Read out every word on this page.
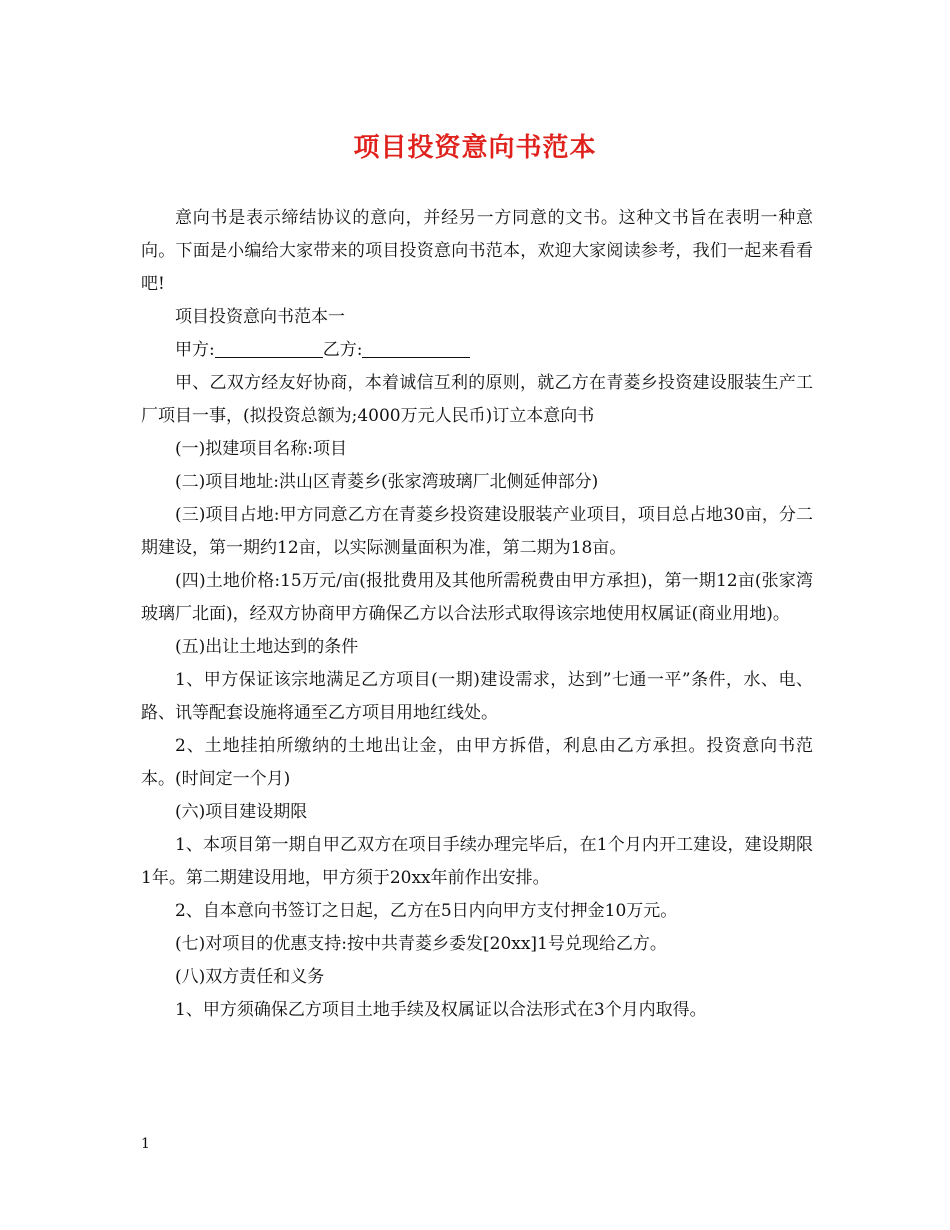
项目投资意向书范本

意向书是表示缔结协议的意向，并经另一方同意的文书。这种文书旨在表明一种意向。下面是小编给大家带来的项目投资意向书范本，欢迎大家阅读参考，我们一起来看看吧!

项目投资意向书范本一

甲方:	乙方:

甲、乙双方经友好协商，本着诚信互利的原则，就乙方在青菱乡投资建设服装生产工厂项目一事，(拟投资总额为;4000万元人民币)订立本意向书

(一)拟建项目名称:项目

(二)项目地址:洪山区青菱乡(张家湾玻璃厂北侧延伸部分)

(三)项目占地:甲方同意乙方在青菱乡投资建设服装产业项目，项目总占地30亩，分二期建设，第一期约12亩，以实际测量面积为准，第二期为18亩。

(四)土地价格:15万元/亩(报批费用及其他所需税费由甲方承担)，第一期12亩(张家湾玻璃厂北面)，经双方协商甲方确保乙方以合法形式取得该宗地使用权属证(商业用地)。

(五)出让土地达到的条件

1、甲方保证该宗地满足乙方项目(一期)建设需求，达到”七通一平”条件，水、电、路、讯等配套设施将通至乙方项目用地红线处。

2、土地挂拍所缴纳的土地出让金，由甲方拆借，利息由乙方承担。投资意向书范本。(时间定一个月)

(六)项目建设期限

1、本项目第一期自甲乙双方在项目手续办理完毕后，在1个月内开工建设，建设期限1年。第二期建设用地，甲方须于20xx年前作出安排。

2、自本意向书签订之日起，乙方在5日内向甲方支付押金10万元。

(七)对项目的优惠支持:按中共青菱乡委发[20xx]1号兑现给乙方。

(八)双方责任和义务

1、甲方须确保乙方项目土地手续及权属证以合法形式在3个月内取得。

1
